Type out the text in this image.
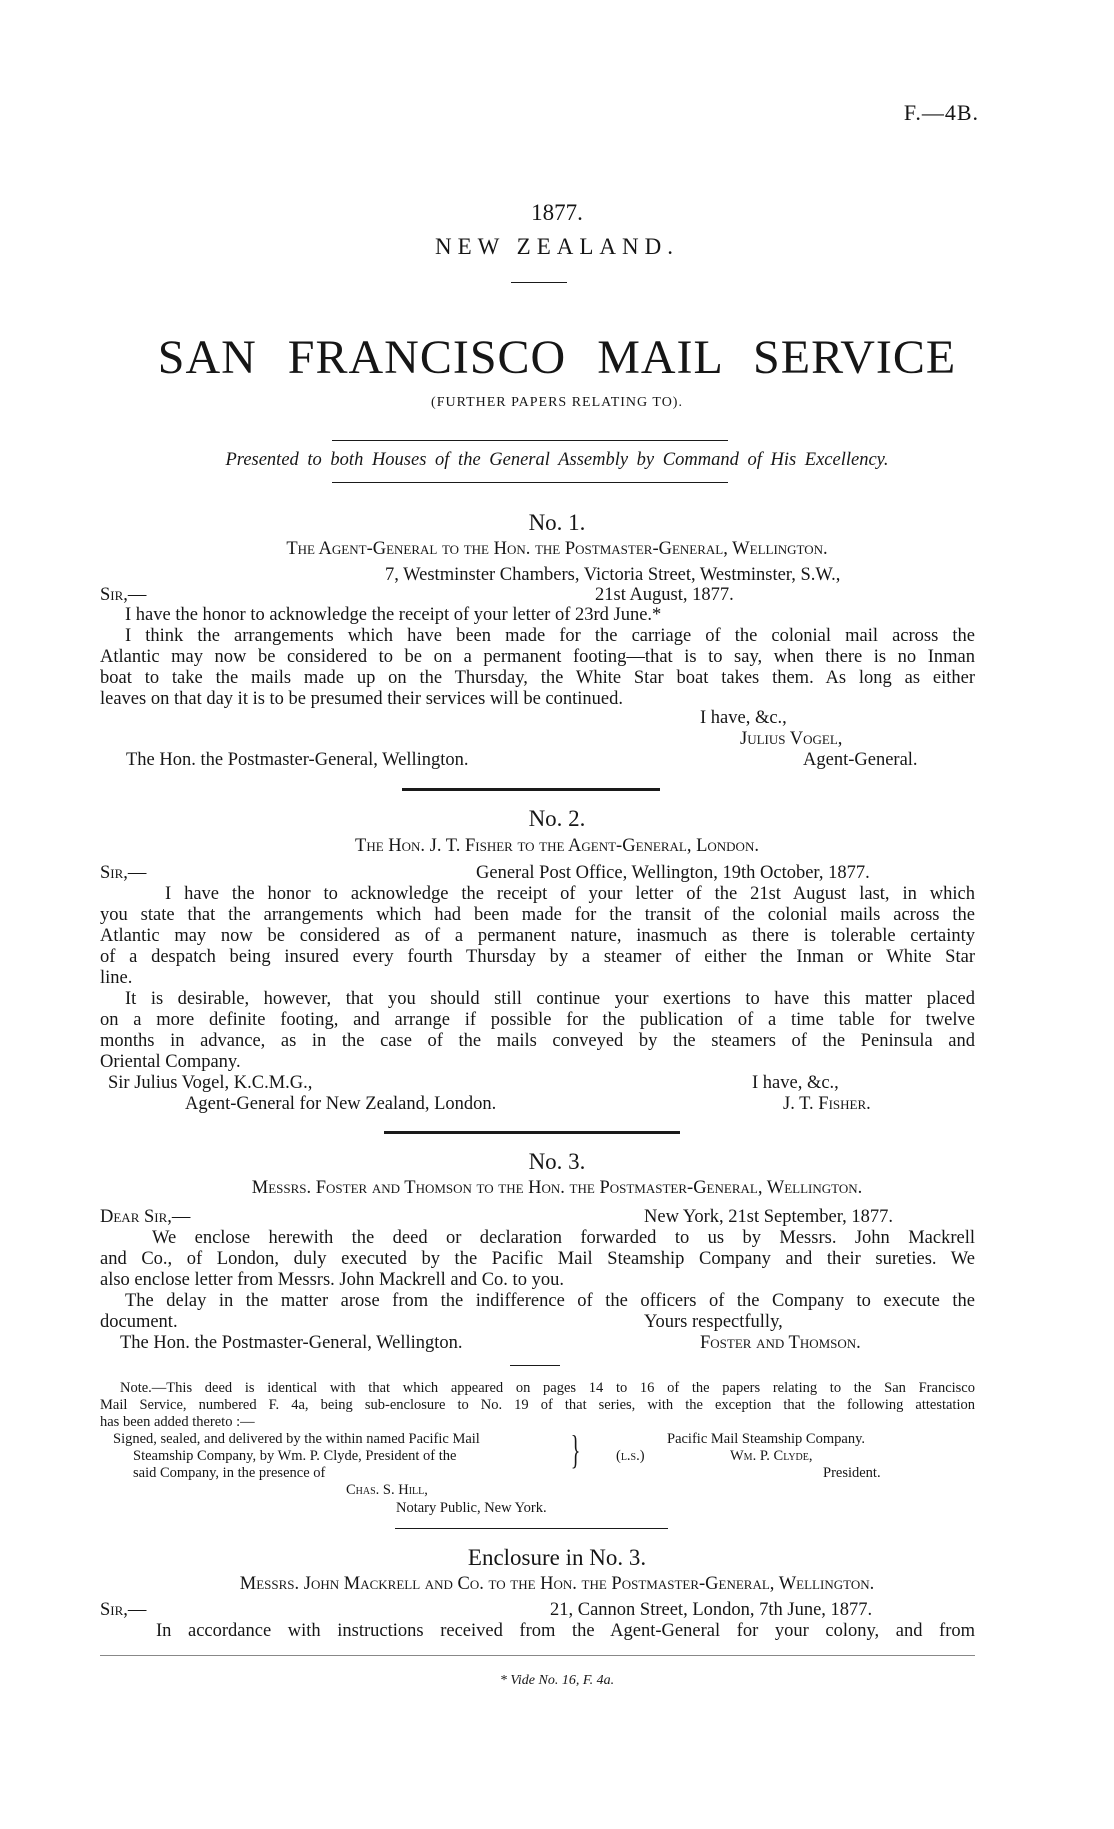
F.—4B.
1877.
NEW ZEALAND.
SAN FRANCISCO MAIL SERVICE
(FURTHER PAPERS RELATING TO).
Presented to both Houses of the General Assembly by Command of His Excellency.
No. 1.
The Agent-General to the Hon. the Postmaster-General, Wellington.
7, Westminster Chambers, Victoria Street, Westminster, S.W.,
Sir,—	21st August, 1877.
I have the honor to acknowledge the receipt of your letter of 23rd June.*
I think the arrangements which have been made for the carriage of the colonial mail across the
Atlantic may now be considered to be on a permanent footing—that is to say, when there is no Inman
boat to take the mails made up on the Thursday, the White Star boat takes them. As long as either
leaves on that day it is to be presumed their services will be continued.
I have, &c.,
Julius Vogel,
The Hon. the Postmaster-General, Wellington.	Agent-General.
No. 2.
The Hon. J. T. Fisher to the Agent-General, London.
Sir,—	General Post Office, Wellington, 19th October, 1877.
I have the honor to acknowledge the receipt of your letter of the 21st August last, in which
you state that the arrangements which had been made for the transit of the colonial mails across the
Atlantic may now be considered as of a permanent nature, inasmuch as there is tolerable certainty
of a despatch being insured every fourth Thursday by a steamer of either the Inman or White Star
line.
It is desirable, however, that you should still continue your exertions to have this matter placed
on a more definite footing, and arrange if possible for the publication of a time table for twelve
months in advance, as in the case of the mails conveyed by the steamers of the Peninsula and
Oriental Company.
Sir Julius Vogel, K.C.M.G.,	I have, &c.,
Agent-General for New Zealand, London.	J. T. Fisher.
No. 3.
Messrs. Foster and Thomson to the Hon. the Postmaster-General, Wellington.
Dear Sir,—	New York, 21st September, 1877.
We enclose herewith the deed or declaration forwarded to us by Messrs. John Mackrell
and Co., of London, duly executed by the Pacific Mail Steamship Company and their sureties. We
also enclose letter from Messrs. John Mackrell and Co. to you.
The delay in the matter arose from the indifference of the officers of the Company to execute the
document.	Yours respectfully,
The Hon. the Postmaster-General, Wellington.	Foster and Thomson.
Note.—This deed is identical with that which appeared on pages 14 to 16 of the papers relating to the San Francisco
Mail Service, numbered F. 4a, being sub-enclosure to No. 19 of that series, with the exception that the following attestation
has been added thereto :—
Signed, sealed, and delivered by the within named Pacific Mail
Steamship Company, by Wm. P. Clyde, President of the
said Company, in the presence of
} (l.s.)
Pacific Mail Steamship Company.
Wm. P. Clyde,
President.
Chas. S. Hill,
Notary Public, New York.
Enclosure in No. 3.
Messrs. John Mackrell and Co. to the Hon. the Postmaster-General, Wellington.
Sir,—	21, Cannon Street, London, 7th June, 1877.
In accordance with instructions received from the Agent-General for your colony, and from
* Vide No. 16, F. 4a.
